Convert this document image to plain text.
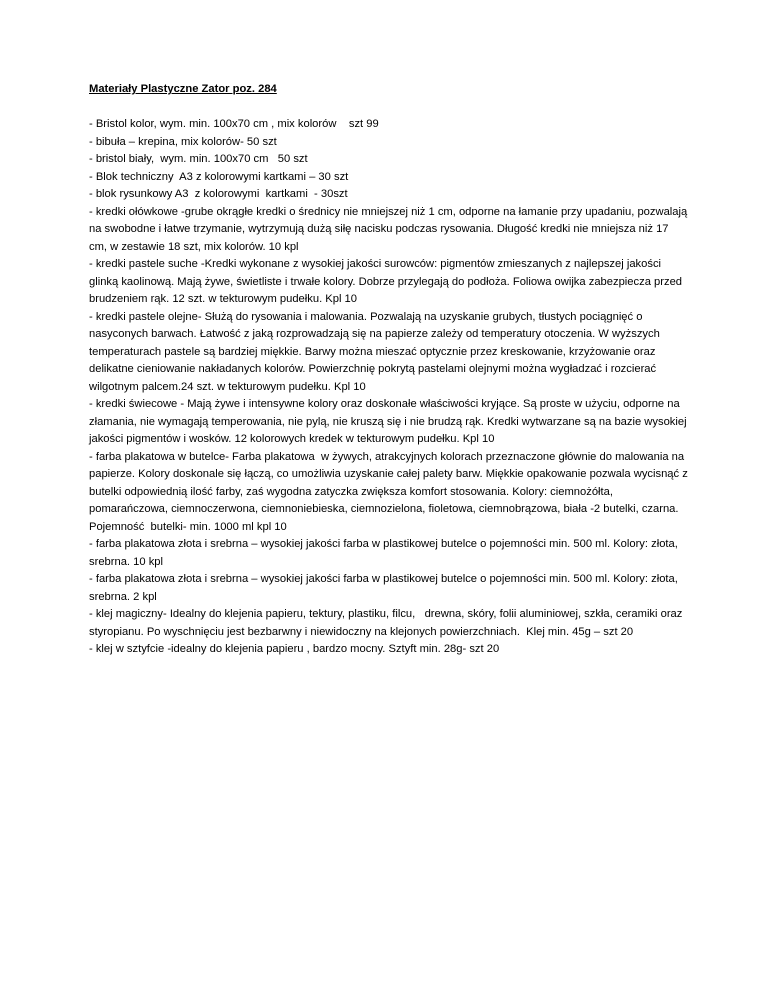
Materiały Plastyczne Zator poz. 284

- Bristol kolor, wym. min. 100x70 cm , mix kolorów    szt 99

- bibuła – krepina, mix kolorów- 50 szt

- bristol biały,  wym. min. 100x70 cm   50 szt

- Blok techniczny  A3 z kolorowymi kartkami – 30 szt

- blok rysunkowy A3  z kolorowymi  kartkami  - 30szt

- kredki ołówkowe -grube okrągłe kredki o średnicy nie mniejszej niż 1 cm, odporne na łamanie przy upadaniu, pozwalają na swobodne i łatwe trzymanie, wytrzymują dużą siłę nacisku podczas rysowania. Długość kredki nie mniejsza niż 17 cm, w zestawie 18 szt, mix kolorów. 10 kpl

- kredki pastele suche -Kredki wykonane z wysokiej jakości surowców: pigmentów zmieszanych z najlepszej jakości glinką kaolinową. Mają żywe, świetliste i trwałe kolory. Dobrze przylegają do podłoża. Foliowa owijka zabezpiecza przed brudzeniem rąk. 12 szt. w tekturowym pudełku. Kpl 10

- kredki pastele olejne- Służą do rysowania i malowania. Pozwalają na uzyskanie grubych, tłustych pociągnięć o nasyconych barwach. Łatwość z jaką rozprowadzają się na papierze zależy od temperatury otoczenia. W wyższych temperaturach pastele są bardziej miękkie. Barwy można mieszać optycznie przez kreskowanie, krzyżowanie oraz delikatne cieniowanie nakładanych kolorów. Powierzchnię pokrytą pastelami olejnymi można wygładzać i rozcierać wilgotnym palcem.24 szt. w tekturowym pudełku. Kpl 10

- kredki świecowe - Mają żywe i intensywne kolory oraz doskonałe właściwości kryjące. Są proste w użyciu, odporne na złamania, nie wymagają temperowania, nie pylą, nie kruszą się i nie brudzą rąk. Kredki wytwarzane są na bazie wysokiej jakości pigmentów i wosków. 12 kolorowych kredek w tekturowym pudełku. Kpl 10

- farba plakatowa w butelce- Farba plakatowa  w żywych, atrakcyjnych kolorach przeznaczone głównie do malowania na papierze. Kolory doskonale się łączą, co umożliwia uzyskanie całej palety barw. Miękkie opakowanie pozwala wycisnąć z butelki odpowiednią ilość farby, zaś wygodna zatyczka zwiększa komfort stosowania. Kolory: ciemnożółta, pomarańczowa, ciemnoczerwona, ciemnoniebieska, ciemnozielona, fioletowa, ciemnobrązowa, biała -2 butelki, czarna. Pojemność  butelki- min. 1000 ml kpl 10

- farba plakatowa złota i srebrna – wysokiej jakości farba w plastikowej butelce o pojemności min. 500 ml. Kolory: złota, srebrna. 10 kpl

- farba plakatowa złota i srebrna – wysokiej jakości farba w plastikowej butelce o pojemności min. 500 ml. Kolory: złota, srebrna. 2 kpl

- klej magiczny- Idealny do klejenia papieru, tektury, plastiku, filcu,   drewna, skóry, folii aluminiowej, szkła, ceramiki oraz styropianu. Po wyschnięciu jest bezbarwny i niewidoczny na klejonych powierzchniach.  Klej min. 45g – szt 20

- klej w sztyfcie -idealny do klejenia papieru , bardzo mocny. Sztyft min. 28g- szt 20
